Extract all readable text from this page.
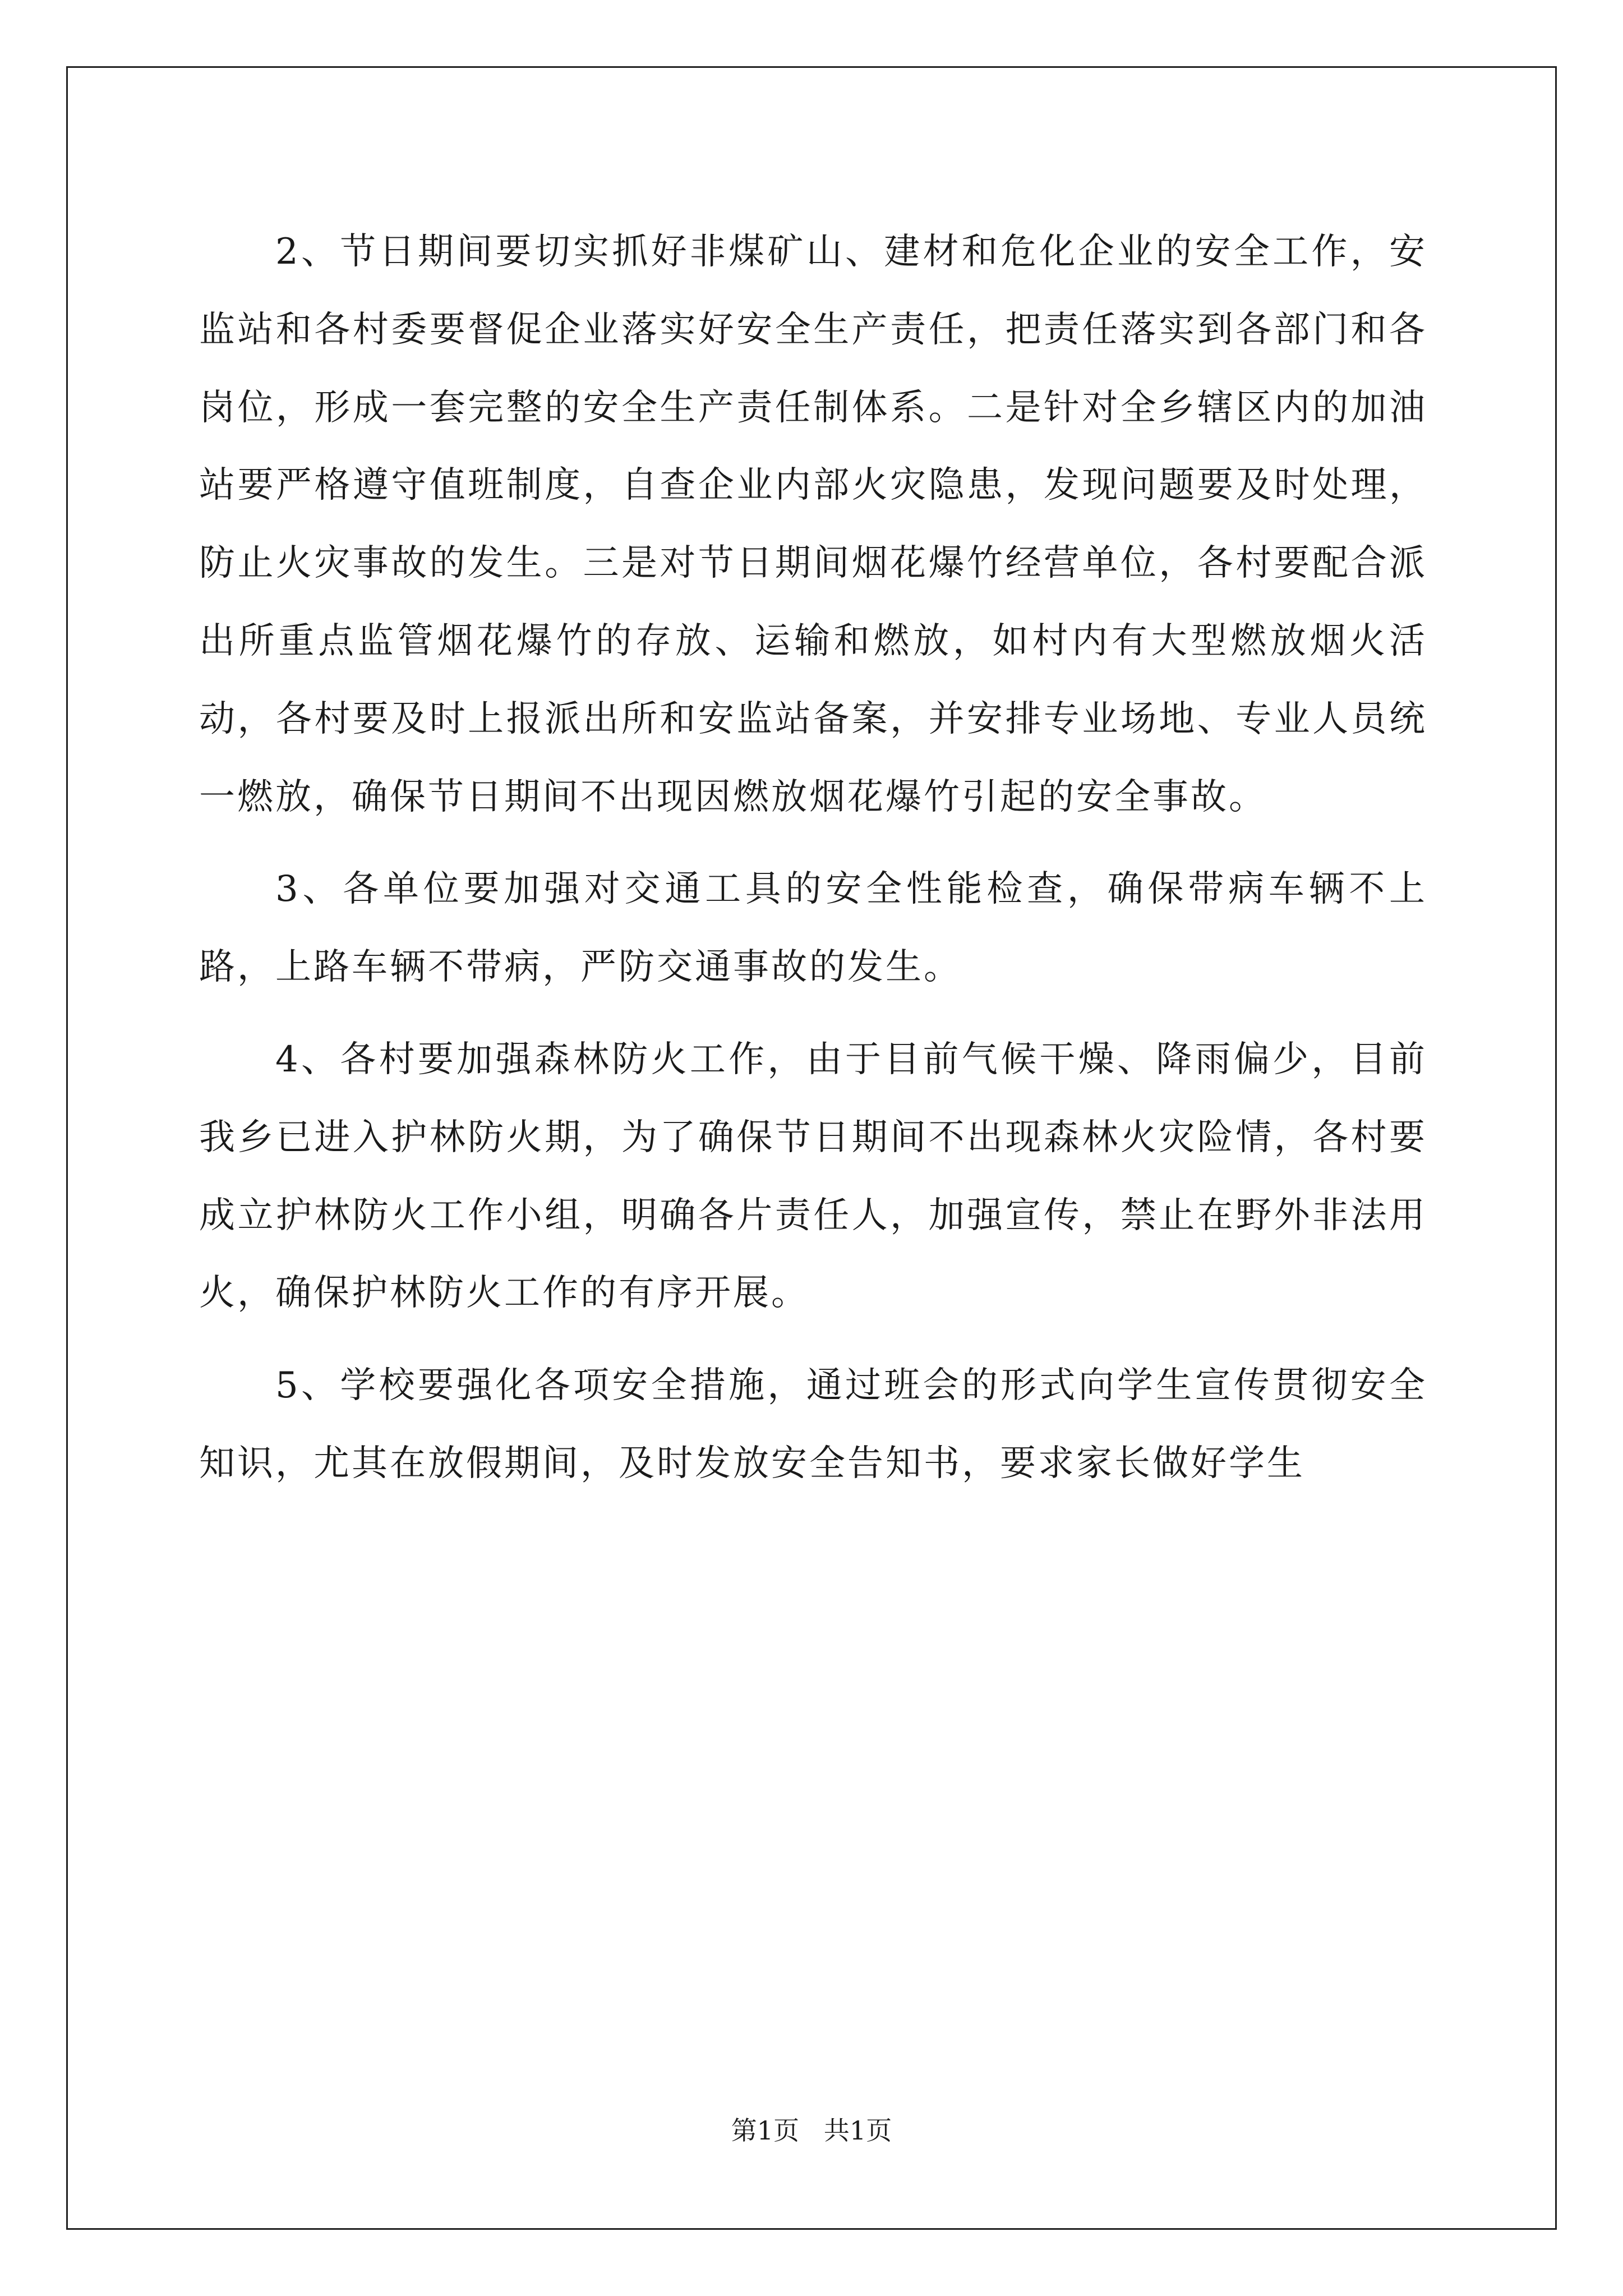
2、节日期间要切实抓好非煤矿山、建材和危化企业的安全工作，安监站和各村委要督促企业落实好安全生产责任，把责任落实到各部门和各岗位，形成一套完整的安全生产责任制体系。二是针对全乡辖区内的加油站要严格遵守值班制度，自查企业内部火灾隐患，发现问题要及时处理，防止火灾事故的发生。三是对节日期间烟花爆竹经营单位，各村要配合派出所重点监管烟花爆竹的存放、运输和燃放，如村内有大型燃放烟火活动，各村要及时上报派出所和安监站备案，并安排专业场地、专业人员统一燃放，确保节日期间不出现因燃放烟花爆竹引起的安全事故。

3、各单位要加强对交通工具的安全性能检查，确保带病车辆不上路，上路车辆不带病，严防交通事故的发生。

4、各村要加强森林防火工作，由于目前气候干燥、降雨偏少，目前我乡已进入护林防火期，为了确保节日期间不出现森林火灾险情，各村要成立护林防火工作小组，明确各片责任人，加强宣传，禁止在野外非法用火，确保护林防火工作的有序开展。

5、学校要强化各项安全措施，通过班会的形式向学生宣传贯彻安全知识，尤其在放假期间，及时发放安全告知书，要求家长做好学生

第1页   共1页
